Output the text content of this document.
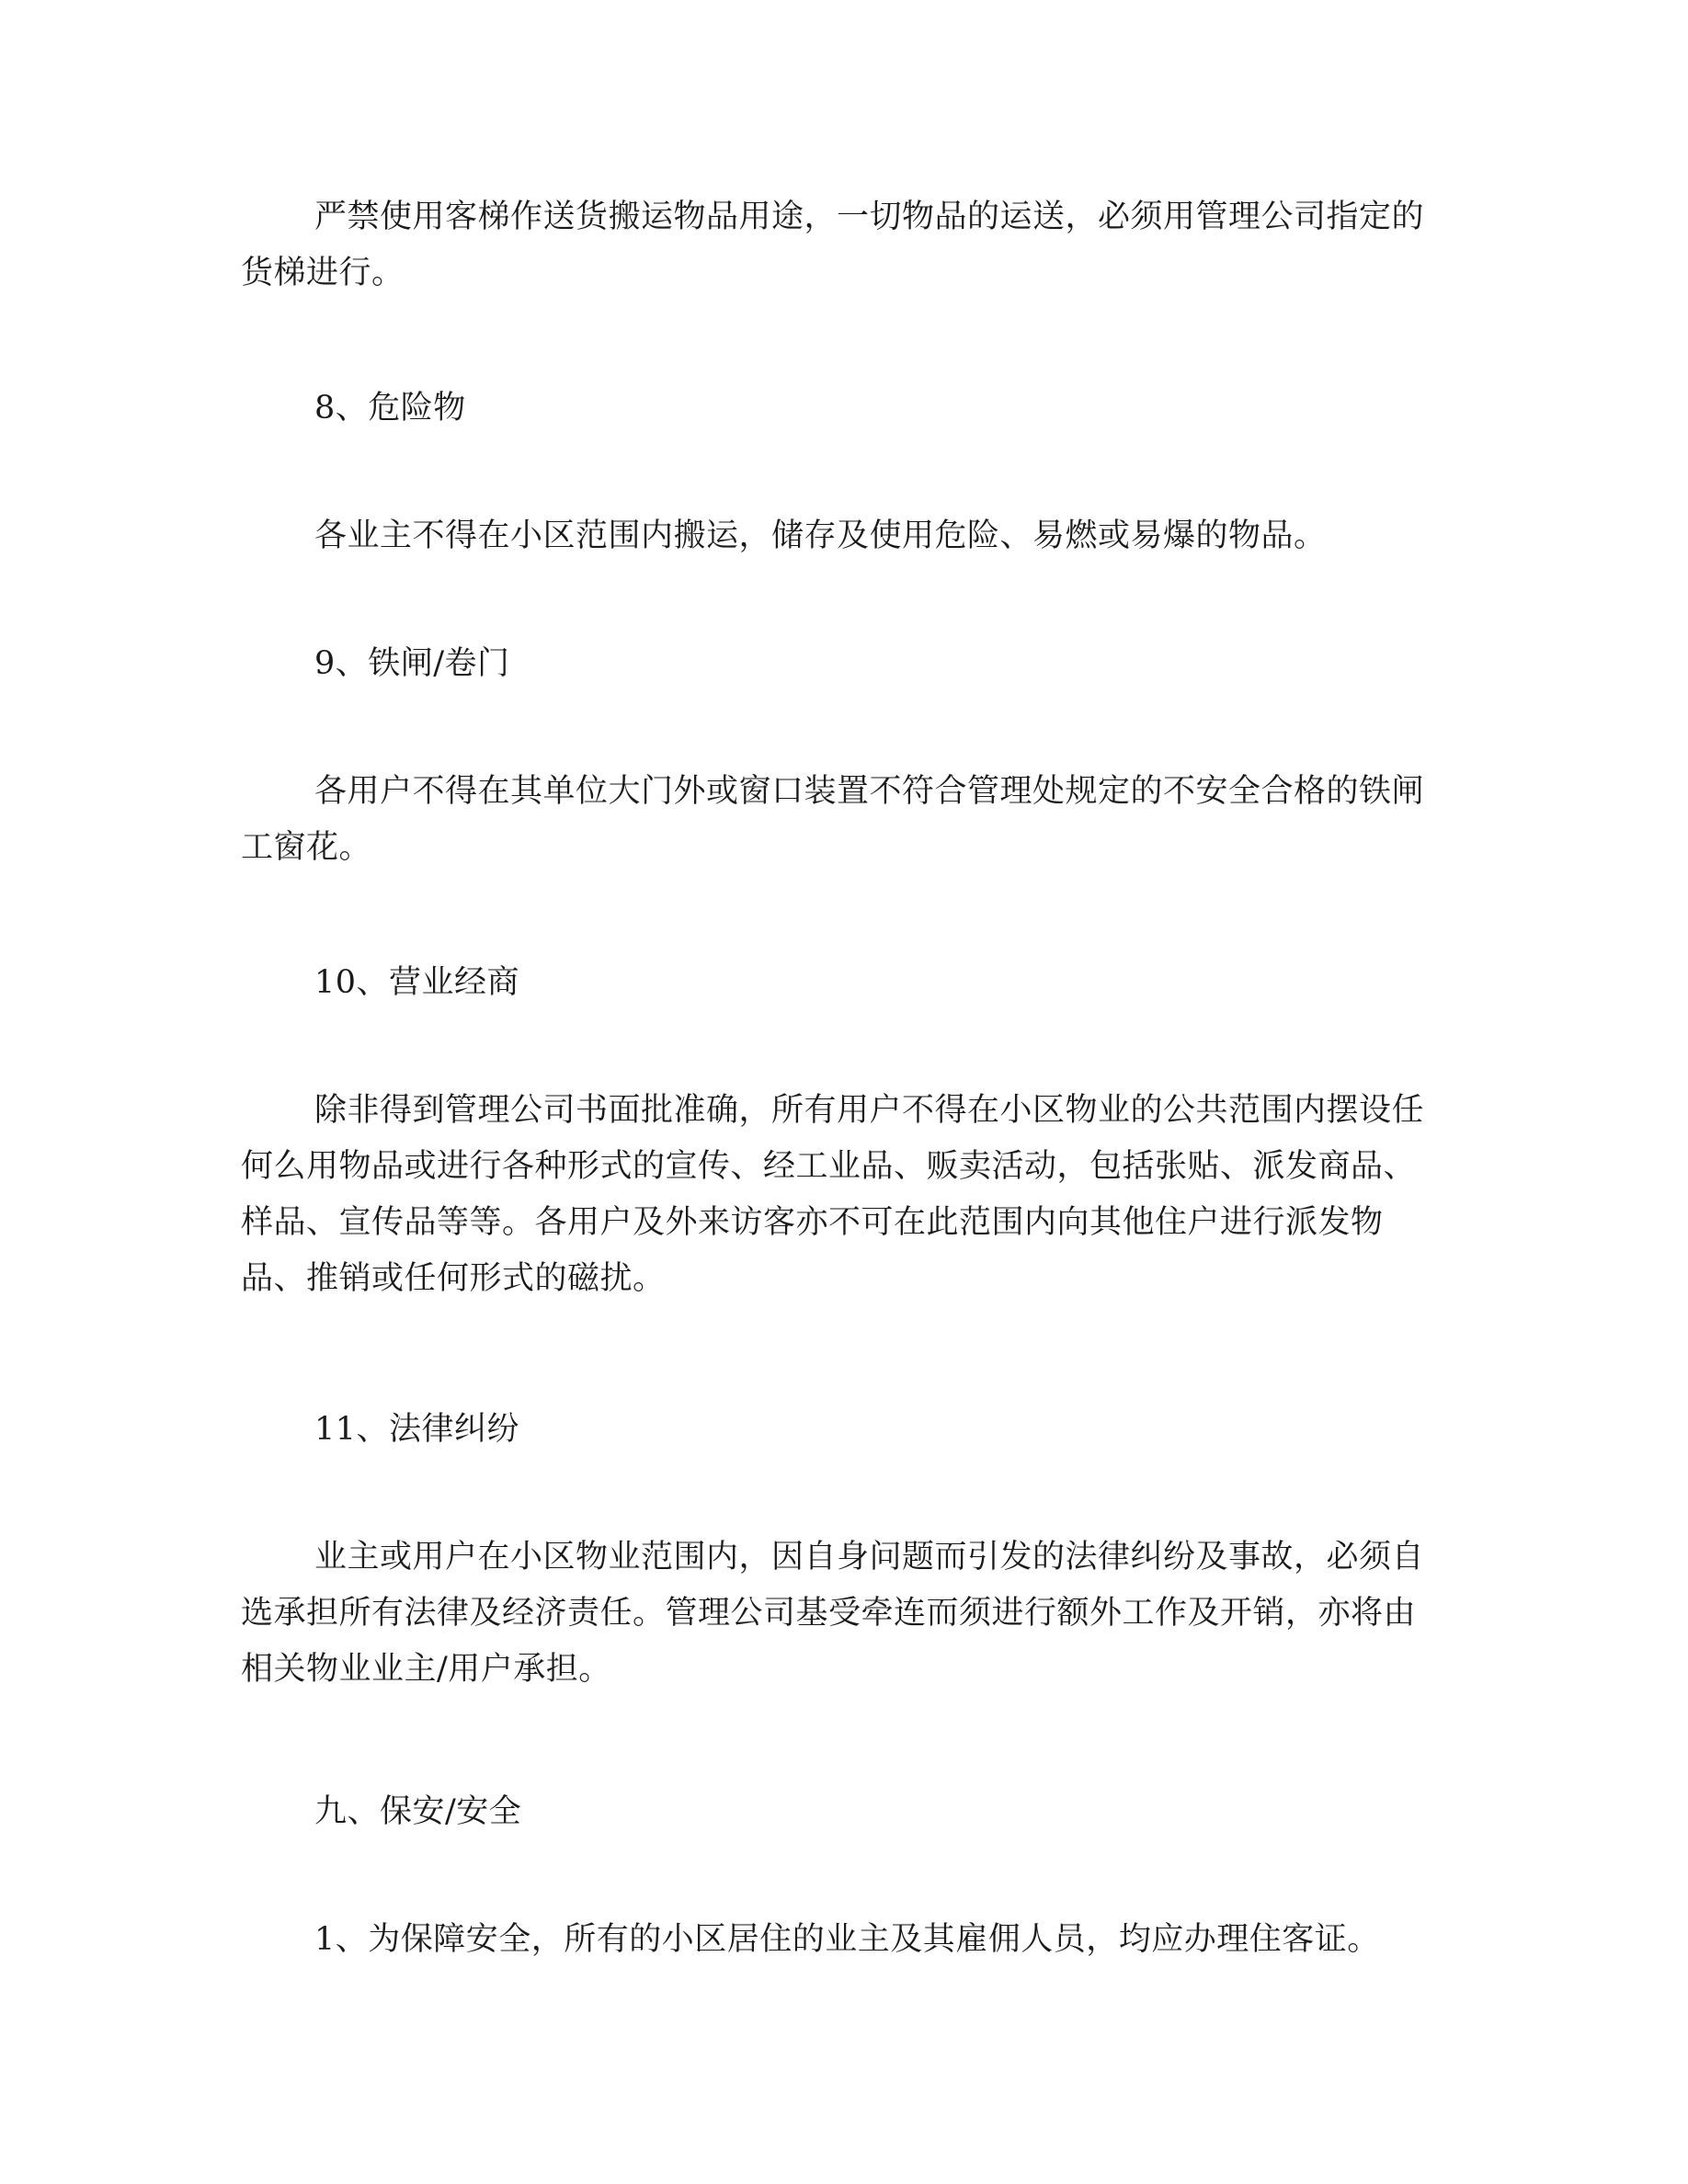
严禁使用客梯作送货搬运物品用途，一切物品的运送，必须用管理公司指定的货梯进行。

8、危险物

各业主不得在小区范围内搬运，储存及使用危险、易燃或易爆的物品。

9、铁闸/卷门

各用户不得在其单位大门外或窗口装置不符合管理处规定的不安全合格的铁闸工窗花。

10、营业经商

除非得到管理公司书面批准确，所有用户不得在小区物业的公共范围内摆设任何么用物品或进行各种形式的宣传、经工业品、贩卖活动，包括张贴、派发商品、样品、宣传品等等。各用户及外来访客亦不可在此范围内向其他住户进行派发物品、推销或任何形式的磁扰。

11、法律纠纷

业主或用户在小区物业范围内，因自身问题而引发的法律纠纷及事故，必须自选承担所有法律及经济责任。管理公司基受牵连而须进行额外工作及开销，亦将由相关物业业主/用户承担。

九、保安/安全

1、为保障安全，所有的小区居住的业主及其雇佣人员，均应办理住客证。
